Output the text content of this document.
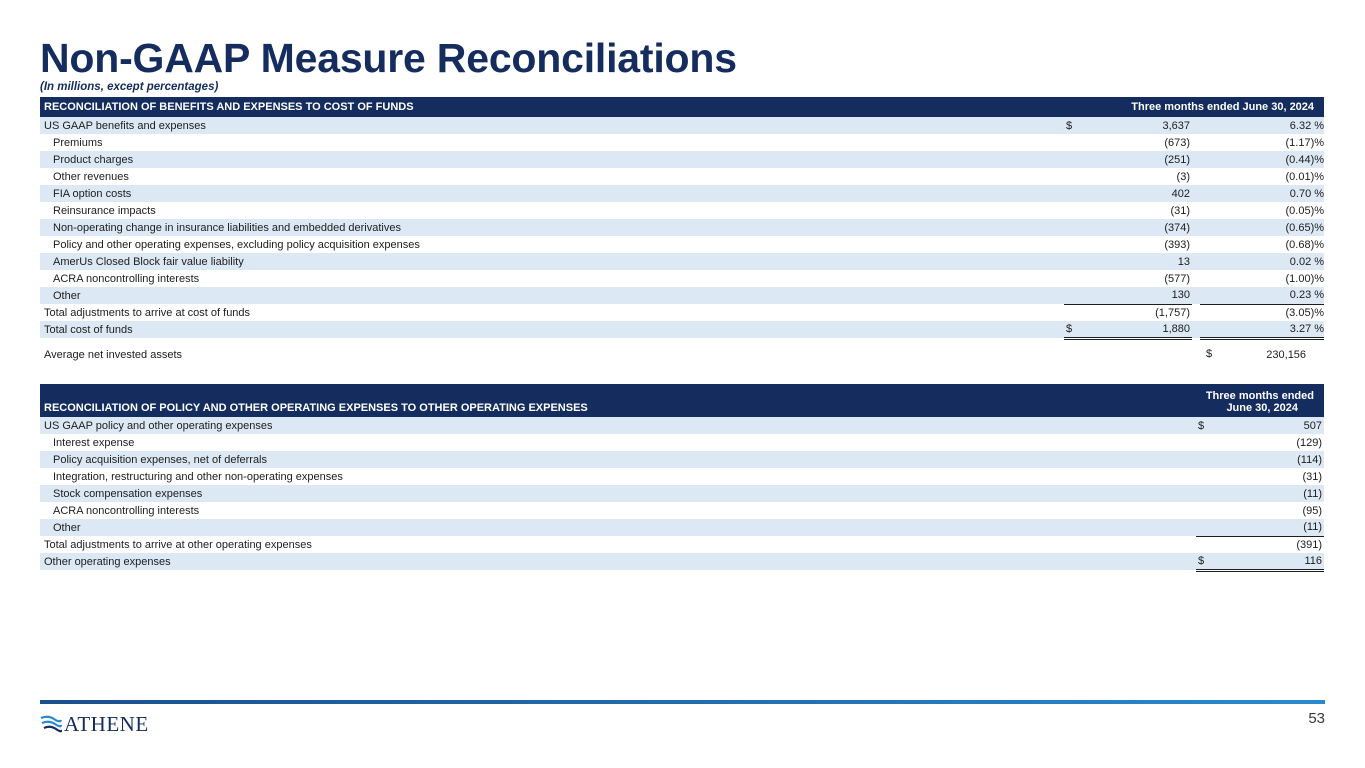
Non-GAAP Measure Reconciliations
(In millions, except percentages)
RECONCILIATION OF BENEFITS AND EXPENSES TO COST OF FUNDS	Three months ended June 30, 2024			
US GAAP benefits and expenses	$	3,637		6.32 %
Premiums		(673)		(1.17)%
Product charges		(251)		(0.44)%
Other revenues		(3)		(0.01)%
FIA option costs		402		0.70 %
Reinsurance impacts		(31)		(0.05)%
Non-operating change in insurance liabilities and embedded derivatives		(374)		(0.65)%
Policy and other operating expenses, excluding policy acquisition expenses		(393)		(0.68)%
AmerUs Closed Block fair value liability		13		0.02 %
ACRA noncontrolling interests		(577)		(1.00)%
Other		130		0.23 %
Total adjustments to arrive at cost of funds		(1,757)		(3.05)%
Total cost of funds	$	1,880		3.27 %

Average net invested assets				$ 230,156
RECONCILIATION OF POLICY AND OTHER OPERATING EXPENSES TO OTHER OPERATING EXPENSES	Three months ended
June 30, 2024	

US GAAP policy and other operating expenses	$	507
Interest expense		(129)
Policy acquisition expenses, net of deferrals		(114)
Integration, restructuring and other non-operating expenses		(31)
Stock compensation expenses		(11)
ACRA noncontrolling interests		(95)
Other		(11)
Total adjustments to arrive at other operating expenses		(391)
Other operating expenses	$	116
ATHENE	53
